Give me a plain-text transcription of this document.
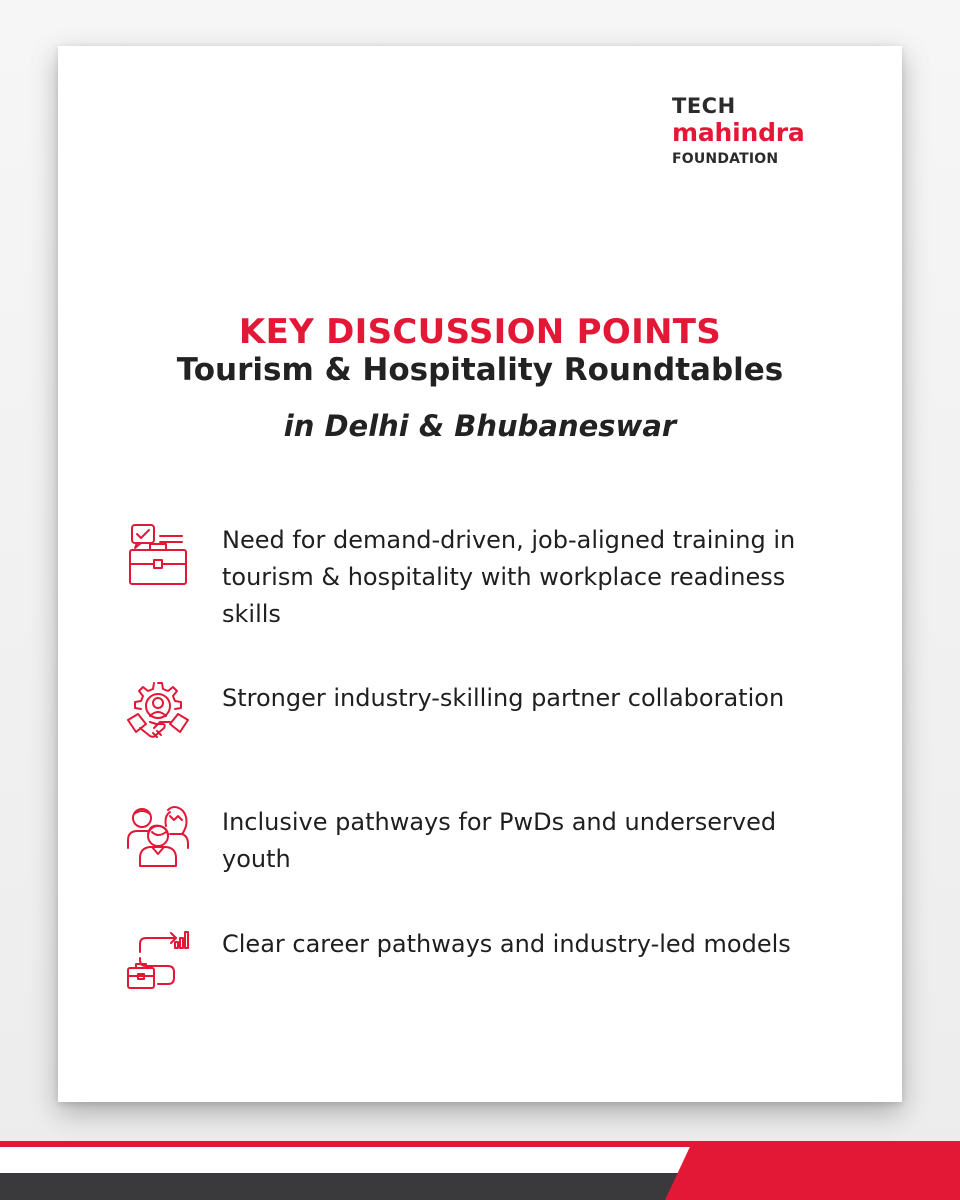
TECH
mahindra
FOUNDATION
KEY DISCUSSION POINTS
Tourism & Hospitality Roundtables
in Delhi & Bhubaneswar
Need for demand-driven, job-aligned training in tourism & hospitality with workplace readiness skills
Stronger industry-skilling partner collaboration
Inclusive pathways for PwDs and underserved youth
Clear career pathways and industry-led models
